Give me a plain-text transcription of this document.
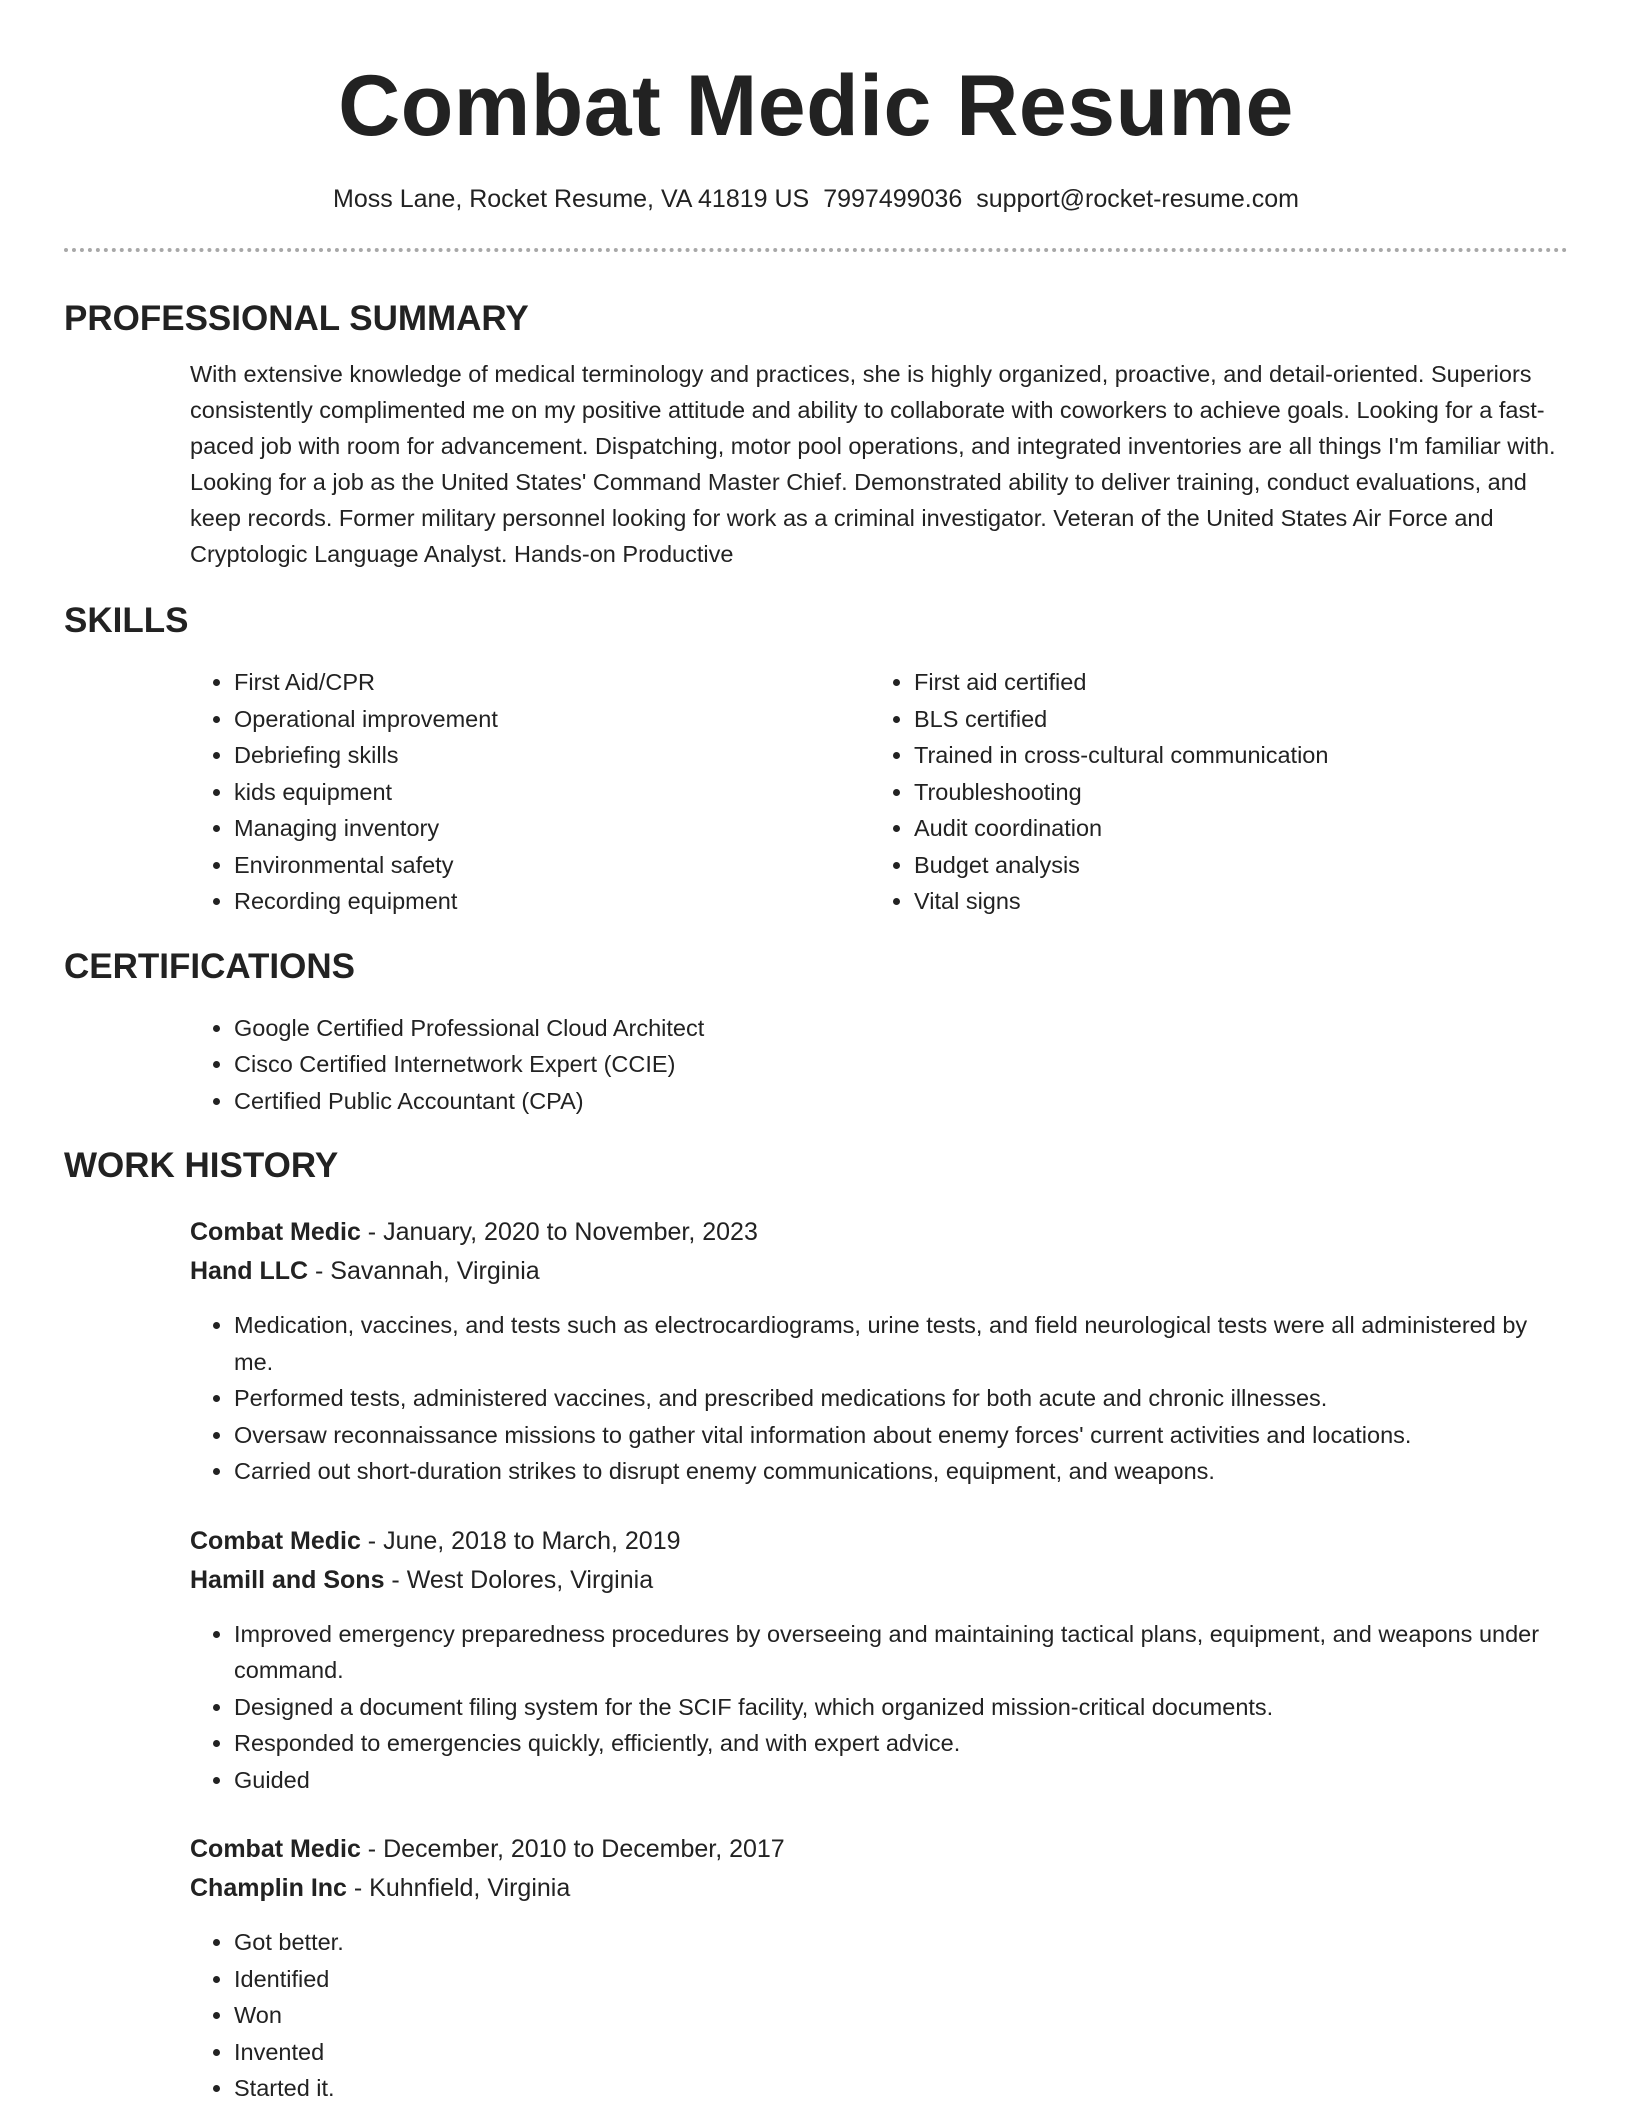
Combat Medic Resume
Moss Lane, Rocket Resume, VA 41819 US 7997499036 support@rocket-resume.com
PROFESSIONAL SUMMARY

With extensive knowledge of medical terminology and practices, she is highly organized, proactive, and detail-oriented. Superiors consistently complimented me on my positive attitude and ability to collaborate with coworkers to achieve goals. Looking for a fast-paced job with room for advancement. Dispatching, motor pool operations, and integrated inventories are all things I'm familiar with. Looking for a job as the United States' Command Master Chief. Demonstrated ability to deliver training, conduct evaluations, and keep records. Former military personnel looking for work as a criminal investigator. Veteran of the United States Air Force and Cryptologic Language Analyst. Hands-on Productive

SKILLS
• First Aid/CPR
• Operational improvement
• Debriefing skills
• kids equipment
• Managing inventory
• Environmental safety
• Recording equipment
• First aid certified
• BLS certified
• Trained in cross-cultural communication
• Troubleshooting
• Audit coordination
• Budget analysis
• Vital signs
CERTIFICATIONS
• Google Certified Professional Cloud Architect
• Cisco Certified Internetwork Expert (CCIE)
• Certified Public Accountant (CPA)
WORK HISTORY
Combat Medic - January, 2020 to November, 2023
Hand LLC - Savannah, Virginia
• Medication, vaccines, and tests such as electrocardiograms, urine tests, and field neurological tests were all administered by me.
• Performed tests, administered vaccines, and prescribed medications for both acute and chronic illnesses.
• Oversaw reconnaissance missions to gather vital information about enemy forces' current activities and locations.
• Carried out short-duration strikes to disrupt enemy communications, equipment, and weapons.
Combat Medic - June, 2018 to March, 2019
Hamill and Sons - West Dolores, Virginia
• Improved emergency preparedness procedures by overseeing and maintaining tactical plans, equipment, and weapons under command.
• Designed a document filing system for the SCIF facility, which organized mission-critical documents.
• Responded to emergencies quickly, efficiently, and with expert advice.
• Guided
Combat Medic - December, 2010 to December, 2017
Champlin Inc - Kuhnfield, Virginia
• Got better.
• Identified
• Won
• Invented
• Started it.
